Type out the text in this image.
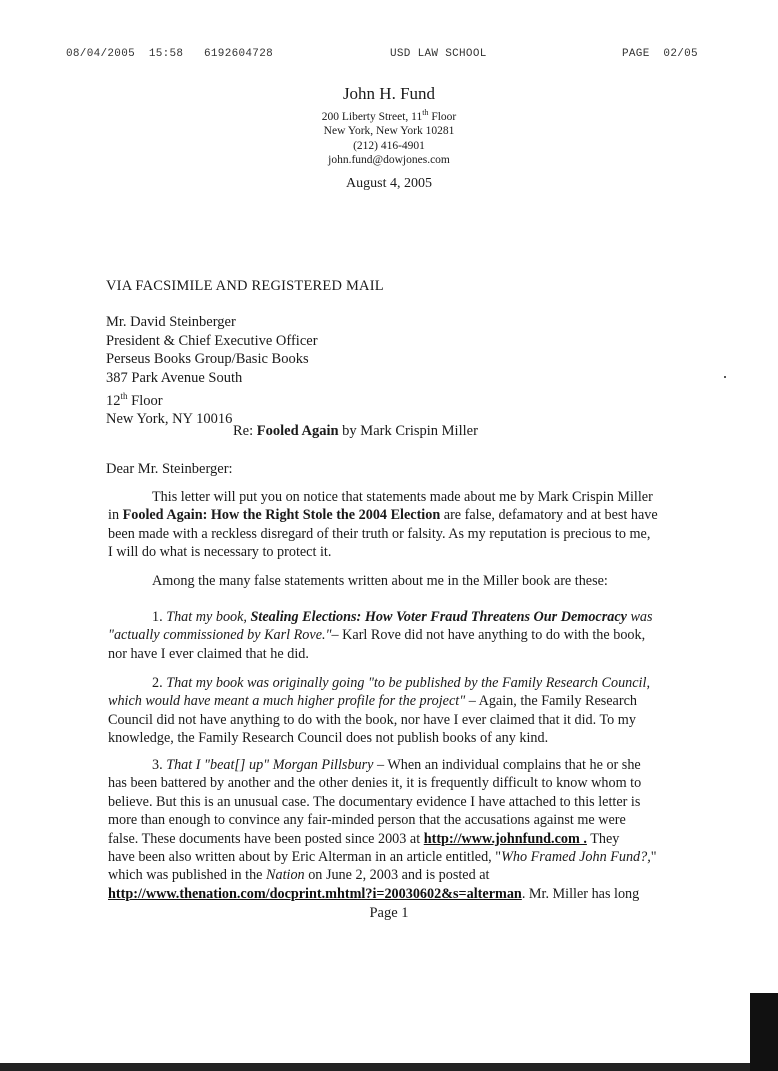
08/04/2005 15:58 6192604728	USD LAW SCHOOL	PAGE 02/05
John H. Fund
200 Liberty Street, 11th Floor
New York, New York 10281
(212) 416-4901
john.fund@dowjones.com
August 4, 2005
VIA FACSIMILE AND REGISTERED MAIL
Mr. David Steinberger
President & Chief Executive Officer
Perseus Books Group/Basic Books
387 Park Avenue South
12th Floor
New York, NY 10016
Re: Fooled Again by Mark Crispin Miller
Dear Mr. Steinberger:
This letter will put you on notice that statements made about me by Mark Crispin Miller
in Fooled Again: How the Right Stole the 2004 Election are false, defamatory and at best have
been made with a reckless disregard of their truth or falsity. As my reputation is precious to me,
I will do what is necessary to protect it.
Among the many false statements written about me in the Miller book are these:
1. That my book, Stealing Elections: How Voter Fraud Threatens Our Democracy was
"actually commissioned by Karl Rove."– Karl Rove did not have anything to do with the book,
nor have I ever claimed that he did.
2. That my book was originally going "to be published by the Family Research Council,
which would have meant a much higher profile for the project" – Again, the Family Research
Council did not have anything to do with the book, nor have I ever claimed that it did. To my
knowledge, the Family Research Council does not publish books of any kind.
3. That I "beat[] up" Morgan Pillsbury – When an individual complains that he or she
has been battered by another and the other denies it, it is frequently difficult to know whom to
believe. But this is an unusual case. The documentary evidence I have attached to this letter is
more than enough to convince any fair-minded person that the accusations against me were
false. These documents have been posted since 2003 at http://www.johnfund.com . They
have been also written about by Eric Alterman in an article entitled, "Who Framed John Fund?,"
which was published in the Nation on June 2, 2003 and is posted at
http://www.thenation.com/docprint.mhtml?i=20030602&s=alterman. Mr. Miller has long
Page 1
